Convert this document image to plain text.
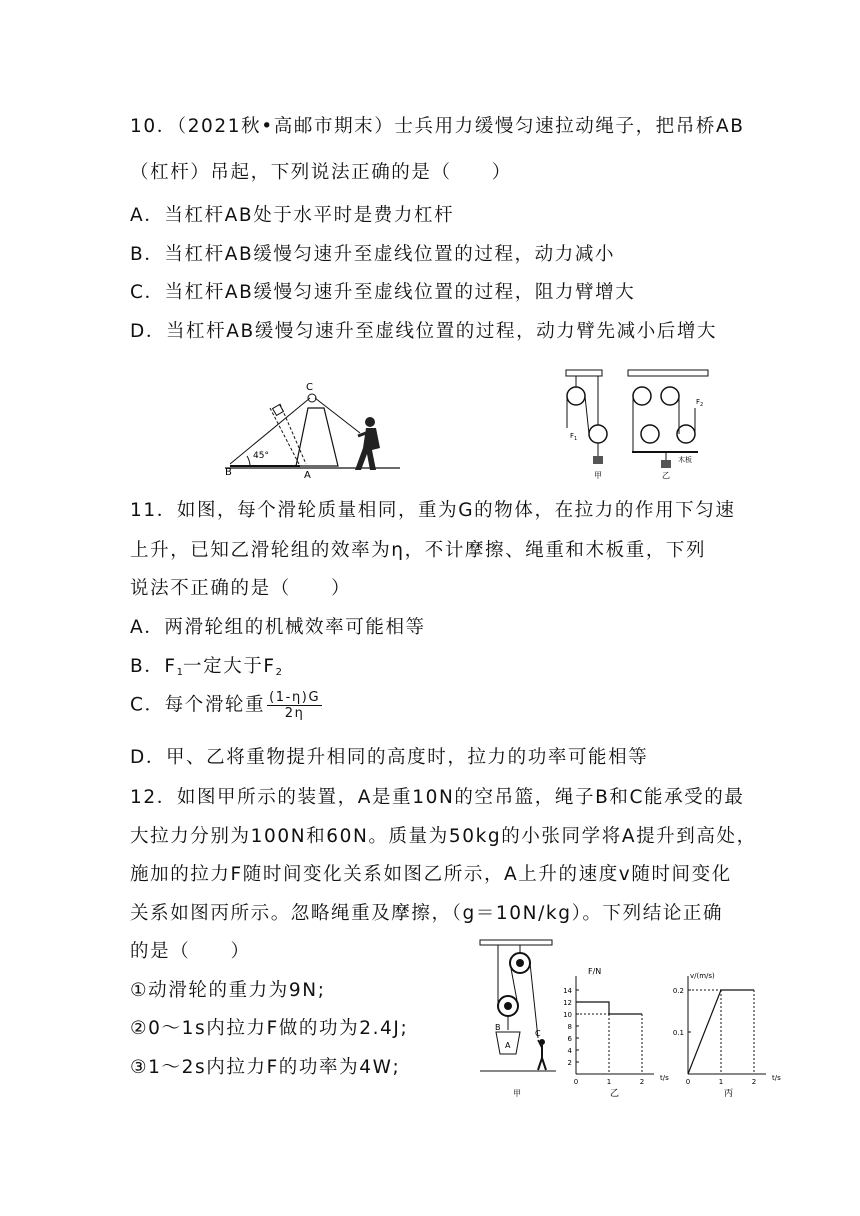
10．（2021秋•高邮市期末）士兵用力缓慢匀速拉动绳子，把吊桥AB
（杠杆）吊起，下列说法正确的是（　　）
A．当杠杆AB处于水平时是费力杠杆
B．当杠杆AB缓慢匀速升至虚线位置的过程，动力减小
C．当杠杆AB缓慢匀速升至虚线位置的过程，阻力臂增大
D．当杠杆AB缓慢匀速升至虚线位置的过程，动力臂先减小后增大
C
B	A
45°
$F_1$
$F_2$
甲	乙
木板
11．如图，每个滑轮质量相同，重为G的物体，在拉力的作用下匀速
上升，已知乙滑轮组的效率为η，不计摩擦、绳重和木板重，下列
说法不正确的是（　　）
A．两滑轮组的机械效率可能相等
B．$F_1$一定大于$F_2$
C．每个滑轮重 $\frac{(1-\eta)G}{2\eta}$
D．甲、乙将重物提升相同的高度时，拉力的功率可能相等
12．如图甲所示的装置，A是重10N的空吊篮，绳子B和C能承受的最
大拉力分别为100N和60N。质量为50kg的小张同学将A提升到高处，
施加的拉力F随时间变化关系如图乙所示，A上升的速度v随时间变化
关系如图丙所示。忽略绳重及摩擦，（g＝10N/kg）。下列结论正确
的是（　　）
①动滑轮的重力为9N;
②0～1s内拉力F做的功为2.4J;
③1～2s内拉力F的功率为4W;
A
B
C
甲
14
12
10
8
6
4
2
0	1	2
F/N
t/s
乙
0.2
0.1
0	1	2
v/(m/s)
t/s
丙
